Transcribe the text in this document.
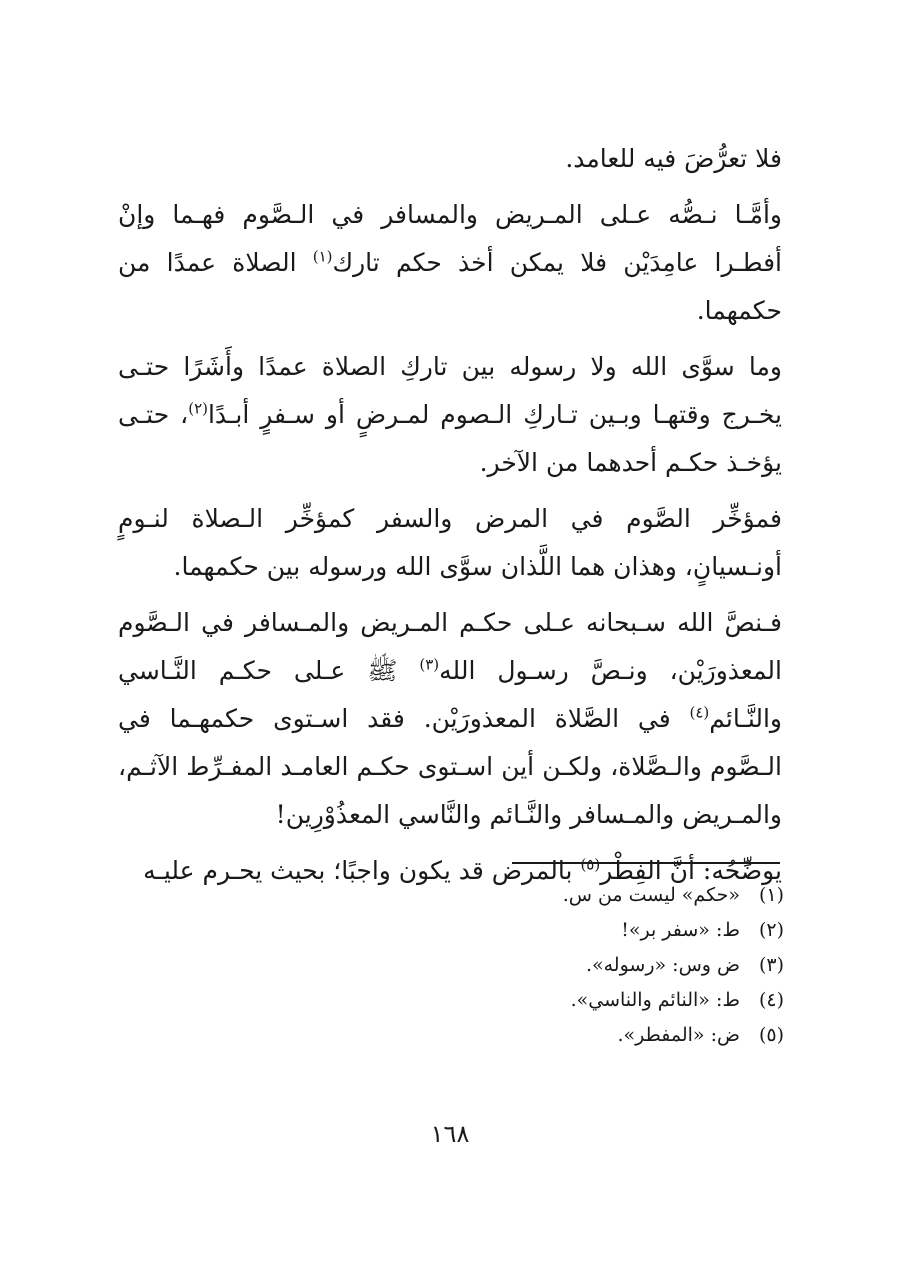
فلا تعرُّضَ فيه للعامد.

وأمَّـا نـصُّه عـلى المـريض والمسافر في الـصَّوم فهـما وإنْ أفطـرا عامِدَيْن فلا يمكن أخذ حكم تارك$^{(١)}$ الصلاة عمدًا من حكمهما.

وما سوَّى الله ولا رسوله بين تاركِ الصلاة عمدًا وأَشَرًا حتـى يخـرج وقتهـا وبـين تـاركِ الـصوم لمـرضٍ أو سـفرٍ أبـدًا$^{(٢)}$، حتـى يؤخـذ حكـم أحدهما من الآخر.

فمؤخِّر الصَّوم في المرض والسفر كمؤخِّر الـصلاة لنـومٍ أونـسيانٍ، وهذان هما اللَّذان سوَّى الله ورسوله بين حكمهما.

فـنصَّ الله سـبحانه عـلى حكـم المـريض والمـسافر في الـصَّوم المعذورَيْن، ونـصَّ رسـول الله$^{(٣)}$ ﷺ عـلى حكـم النَّـاسي والنَّـائم$^{(٤)}$ في الصَّلاة المعذورَيْن. فقد اسـتوى حكمهـما في الـصَّوم والـصَّلاة، ولكـن أين اسـتوى حكـم العامـد المفـرِّط الآثـم، والمـريض والمـسافر والنَّـائم والنَّاسي المعذُوْرِين!

يوضِّحُه: أنَّ الفِطْر$^{(٥)}$ بالمرض قد يكون واجبًا؛ بحيث يحـرم عليـه

(١) «حكم» ليست من س.
(٢) ط: «سفر بر»!
(٣) ض وس: «رسوله».
(٤) ط: «النائم والناسي».
(٥) ض: «المفطر».
١٦٨
